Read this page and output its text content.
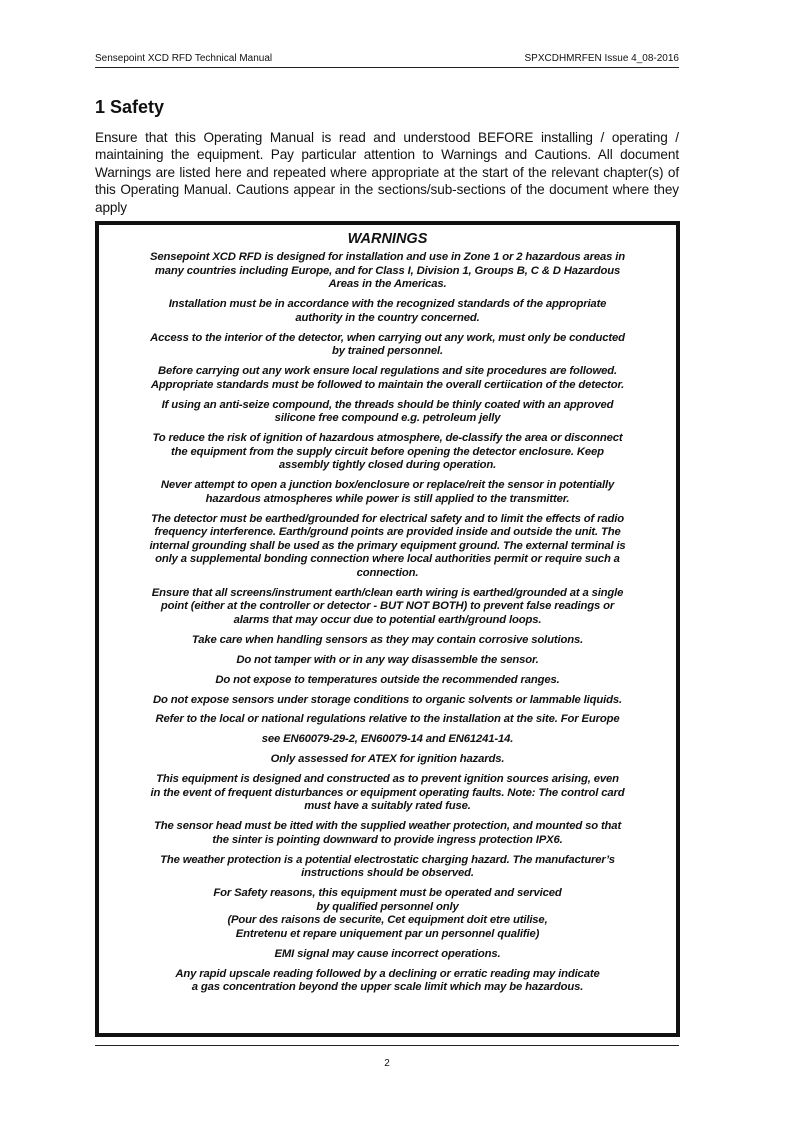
Sensepoint XCD RFD Technical Manual	SPXCDHMRFEN Issue 4_08-2016
1 Safety

Ensure that this Operating Manual is read and understood BEFORE installing / operating / maintaining the equipment. Pay particular attention to Warnings and Cautions. All document Warnings are listed here and repeated where appropriate at the start of the relevant chapter(s) of this Operating Manual. Cautions appear in the sections/sub-sections of the document where they apply

WARNINGS

Sensepoint XCD RFD is designed for installation and use in Zone 1 or 2 hazardous areas in
many countries including Europe, and for Class I, Division 1, Groups B, C & D Hazardous
Areas in the Americas.

Installation must be in accordance with the recognized standards of the appropriate
authority in the country concerned.

Access to the interior of the detector, when carrying out any work, must only be conducted
by trained personnel.

Before carrying out any work ensure local regulations and site procedures are followed.
Appropriate standards must be followed to maintain the overall certiication of the detector.

If using an anti-seize compound, the threads should be thinly coated with an approved
silicone free compound e.g. petroleum jelly

To reduce the risk of ignition of hazardous atmosphere, de-classify the area or disconnect
the equipment from the supply circuit before opening the detector enclosure. Keep
assembly tightly closed during operation.

Never attempt to open a junction box/enclosure or replace/reit the sensor in potentially
hazardous atmospheres while power is still applied to the transmitter.

The detector must be earthed/grounded for electrical safety and to limit the effects of radio
frequency interference. Earth/ground points are provided inside and outside the unit. The
internal grounding shall be used as the primary equipment ground. The external terminal is
only a supplemental bonding connection where local authorities permit or require such a
connection.

Ensure that all screens/instrument earth/clean earth wiring is earthed/grounded at a single
point (either at the controller or detector - BUT NOT BOTH) to prevent false readings or
alarms that may occur due to potential earth/ground loops.

Take care when handling sensors as they may contain corrosive solutions.

Do not tamper with or in any way disassemble the sensor.

Do not expose to temperatures outside the recommended ranges.

Do not expose sensors under storage conditions to organic solvents or lammable liquids.

Refer to the local or national regulations relative to the installation at the site. For Europe

see EN60079-29-2, EN60079-14 and EN61241-14.

Only assessed for ATEX for ignition hazards.

This equipment is designed and constructed as to prevent ignition sources arising, even
in the event of frequent disturbances or equipment operating faults. Note: The control card
must have a suitably rated fuse.

The sensor head must be itted with the supplied weather protection, and mounted so that
the sinter is pointing downward to provide ingress protection IPX6.

The weather protection is a potential electrostatic charging hazard. The manufacturer’s
instructions should be observed.

For Safety reasons, this equipment must be operated and serviced
by qualified personnel only
(Pour des raisons de securite, Cet equipment doit etre utilise,
Entretenu et repare uniquement par un personnel qualifie)

EMI signal may cause incorrect operations.

Any rapid upscale reading followed by a declining or erratic reading may indicate
a gas concentration beyond the upper scale limit which may be hazardous.

2
